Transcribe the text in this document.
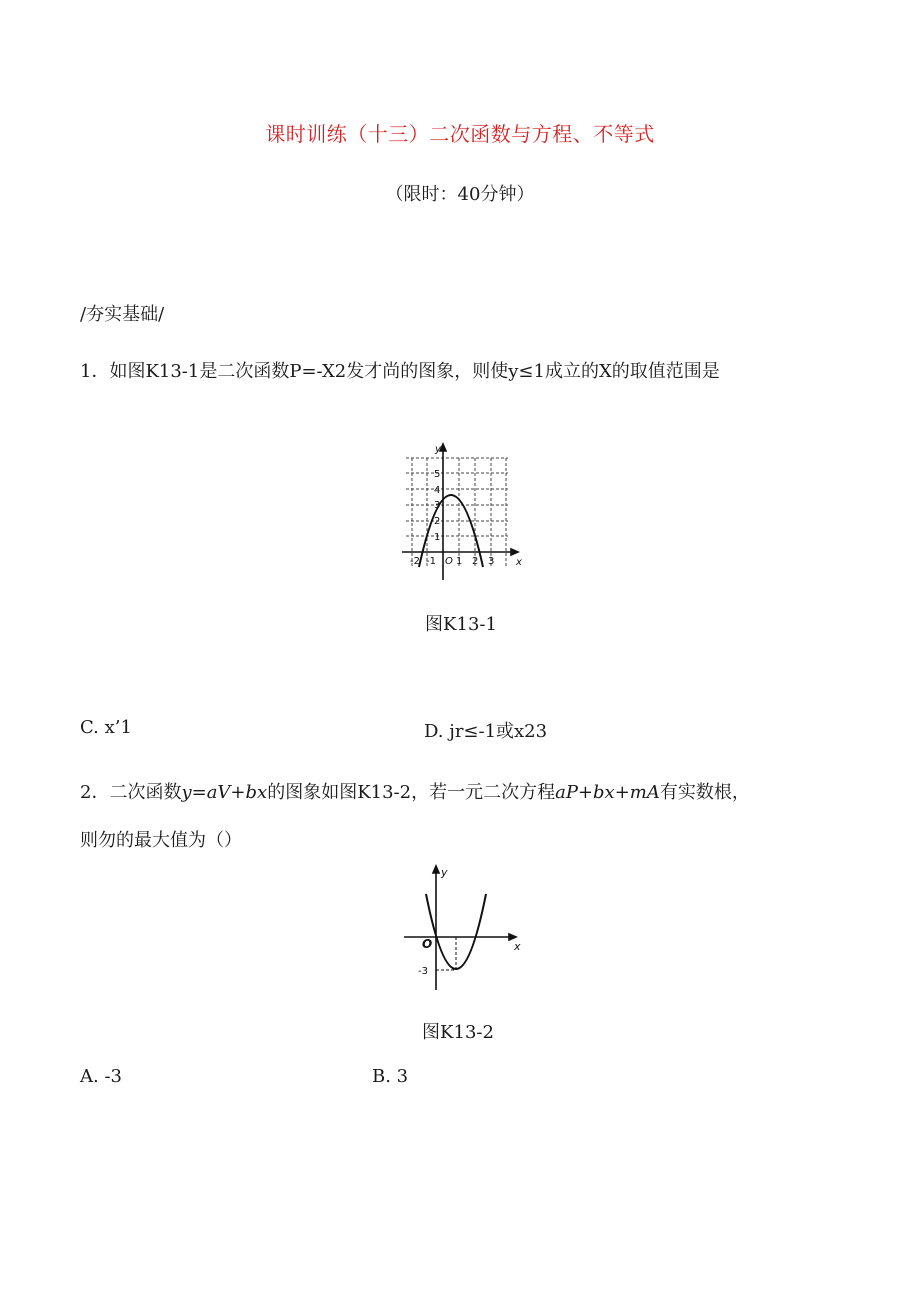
课时训练（十三）二次函数与方程、不等式
（限时：40分钟）
/夯实基础/
1．如图K13-1是二次函数P=-X2发才尚的图象，则使y≤1成立的X的取值范围是
x
y
O
-2 -1 1 2 3
1
2
3
4
5
图K13-1
C. x’1	D. jr≤-1或x23
2．二次函数y=aV+bx的图象如图K13-2，若一元二次方程aP+bx+mA有实数根，
则勿的最大值为（）
x
y
O
-3
图K13-2
A. -3	B. 3
